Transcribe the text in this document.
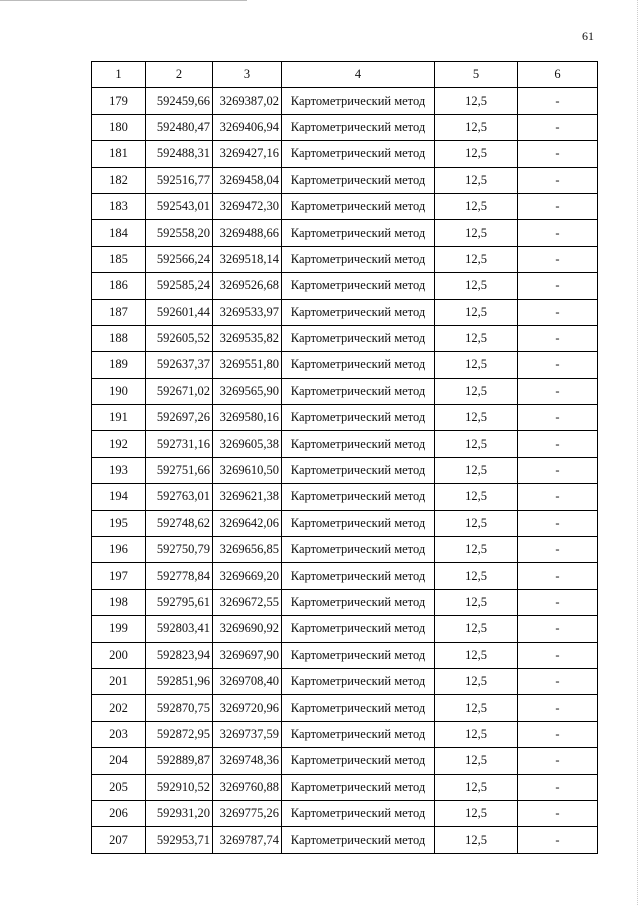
61
1	2	3	4	5	6
179	592459,66	3269387,02	Картометрический метод	12,5	-
180	592480,47	3269406,94	Картометрический метод	12,5	-
181	592488,31	3269427,16	Картометрический метод	12,5	-
182	592516,77	3269458,04	Картометрический метод	12,5	-
183	592543,01	3269472,30	Картометрический метод	12,5	-
184	592558,20	3269488,66	Картометрический метод	12,5	-
185	592566,24	3269518,14	Картометрический метод	12,5	-
186	592585,24	3269526,68	Картометрический метод	12,5	-
187	592601,44	3269533,97	Картометрический метод	12,5	-
188	592605,52	3269535,82	Картометрический метод	12,5	-
189	592637,37	3269551,80	Картометрический метод	12,5	-
190	592671,02	3269565,90	Картометрический метод	12,5	-
191	592697,26	3269580,16	Картометрический метод	12,5	-
192	592731,16	3269605,38	Картометрический метод	12,5	-
193	592751,66	3269610,50	Картометрический метод	12,5	-
194	592763,01	3269621,38	Картометрический метод	12,5	-
195	592748,62	3269642,06	Картометрический метод	12,5	-
196	592750,79	3269656,85	Картометрический метод	12,5	-
197	592778,84	3269669,20	Картометрический метод	12,5	-
198	592795,61	3269672,55	Картометрический метод	12,5	-
199	592803,41	3269690,92	Картометрический метод	12,5	-
200	592823,94	3269697,90	Картометрический метод	12,5	-
201	592851,96	3269708,40	Картометрический метод	12,5	-
202	592870,75	3269720,96	Картометрический метод	12,5	-
203	592872,95	3269737,59	Картометрический метод	12,5	-
204	592889,87	3269748,36	Картометрический метод	12,5	-
205	592910,52	3269760,88	Картометрический метод	12,5	-
206	592931,20	3269775,26	Картометрический метод	12,5	-
207	592953,71	3269787,74	Картометрический метод	12,5	-
